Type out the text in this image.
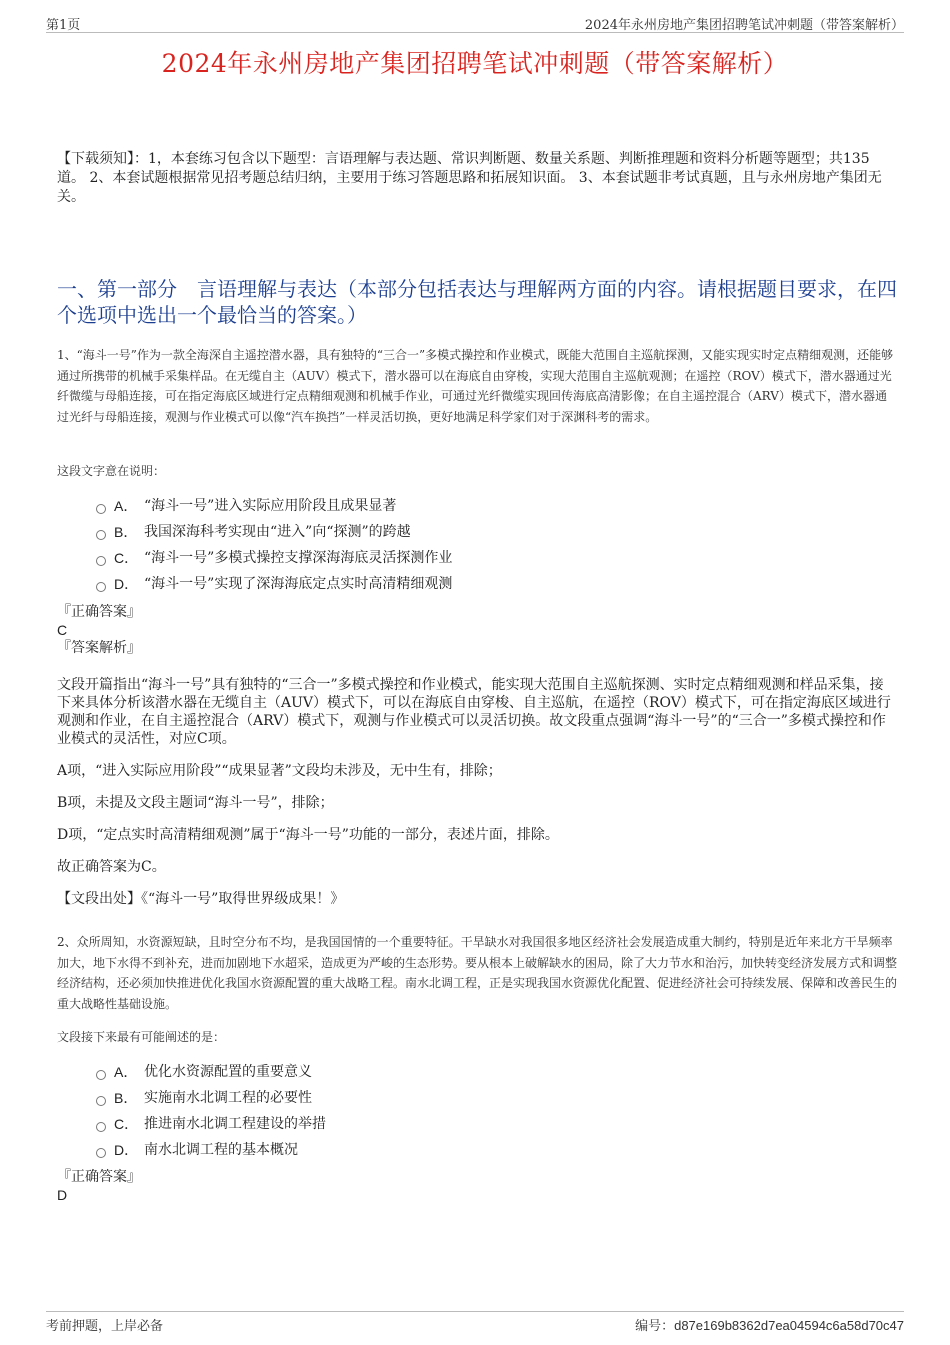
第1页	2024年永州房地产集团招聘笔试冲刺题（带答案解析）
2024年永州房地产集团招聘笔试冲刺题（带答案解析）
【下载须知】：1，本套练习包含以下题型：言语理解与表达题、常识判断题、数量关系题、判断推理题和资料分析题等题型；共135道。 2、本套试题根据常见招考题总结归纳，主要用于练习答题思路和拓展知识面。 3、本套试题非考试真题，且与永州房地产集团无关。
一、第一部分　言语理解与表达（本部分包括表达与理解两方面的内容。请根据题目要求，在四个选项中选出一个最恰当的答案。）
1、“海斗一号”作为一款全海深自主遥控潜水器，具有独特的“三合一”多模式操控和作业模式，既能大范围自主巡航探测，又能实现实时定点精细观测，还能够通过所携带的机械手采集样品。在无缆自主（AUV）模式下，潜水器可以在海底自由穿梭，实现大范围自主巡航观测；在遥控（ROV）模式下，潜水器通过光纤微缆与母船连接，可在指定海底区域进行定点精细观测和机械手作业，可通过光纤微缆实现回传海底高清影像；在自主遥控混合（ARV）模式下，潜水器通过光纤与母船连接，观测与作业模式可以像“汽车换挡”一样灵活切换，更好地满足科学家们对于深渊科考的需求。
这段文字意在说明：
A． “海斗一号”进入实际应用阶段且成果显著
B． 我国深海科考实现由“进入”向“探测”的跨越
C． “海斗一号”多模式操控支撑深海海底灵活探测作业
D． “海斗一号”实现了深海海底定点实时高清精细观测
『正确答案』
C
『答案解析』

文段开篇指出“海斗一号”具有独特的“三合一”多模式操控和作业模式，能实现大范围自主巡航探测、实时定点精细观测和样品采集，接下来具体分析该潜水器在无缆自主（AUV）模式下，可以在海底自由穿梭、自主巡航，在遥控（ROV）模式下，可在指定海底区域进行观测和作业，在自主遥控混合（ARV）模式下，观测与作业模式可以灵活切换。故文段重点强调“海斗一号”的“三合一”多模式操控和作业模式的灵活性，对应C项。

A项，“进入实际应用阶段”“成果显著”文段均未涉及，无中生有，排除；

B项，未提及文段主题词“海斗一号”，排除；

D项，“定点实时高清精细观测”属于“海斗一号”功能的一部分，表述片面，排除。

故正确答案为C。

【文段出处】《“海斗一号”取得世界级成果！》

2、众所周知，水资源短缺，且时空分布不均，是我国国情的一个重要特征。干旱缺水对我国很多地区经济社会发展造成重大制约，特别是近年来北方干旱频率加大，地下水得不到补充，进而加剧地下水超采，造成更为严峻的生态形势。要从根本上破解缺水的困局，除了大力节水和治污，加快转变经济发展方式和调整经济结构，还必须加快推进优化我国水资源配置的重大战略工程。南水北调工程，正是实现我国水资源优化配置、促进经济社会可持续发展、保障和改善民生的重大战略性基础设施。
文段接下来最有可能阐述的是：
A． 优化水资源配置的重要意义
B． 实施南水北调工程的必要性
C． 推进南水北调工程建设的举措
D． 南水北调工程的基本概况
『正确答案』
D
考前押题，上岸必备	编号：d87e169b8362d7ea04594c6a58d70c47
